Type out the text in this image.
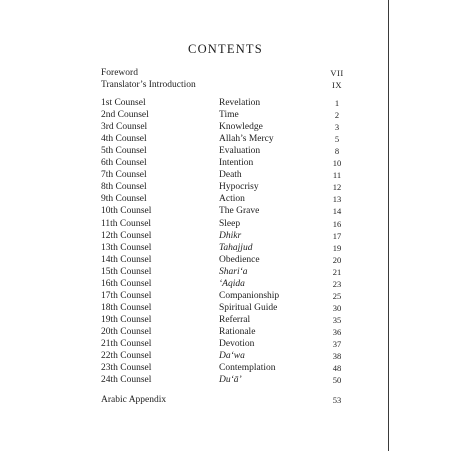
CONTENTS
Foreword	VII
Translator’s Introduction	IX
1st Counsel	Revelation	1
2nd Counsel	Time	2
3rd Counsel	Knowledge	3
4th Counsel	Allah’s Mercy	5
5th Counsel	Evaluation	8
6th Counsel	Intention	10
7th Counsel	Death	11
8th Counsel	Hypocrisy	12
9th Counsel	Action	13
10th Counsel	The Grave	14
11th Counsel	Sleep	16
12th Counsel	Dhikr	17
13th Counsel	Tahajjud	19
14th Counsel	Obedience	20
15th Counsel	Shari‘a	21
16th Counsel	‘Aqida	23
17th Counsel	Companionship	25
18th Counsel	Spiritual Guide	30
19th Counsel	Referral	35
20th Counsel	Rationale	36
21th Counsel	Devotion	37
22th Counsel	Da‘wa	38
23th Counsel	Contemplation	48
24th Counsel	Du‘ā’	50
Arabic Appendix	53
